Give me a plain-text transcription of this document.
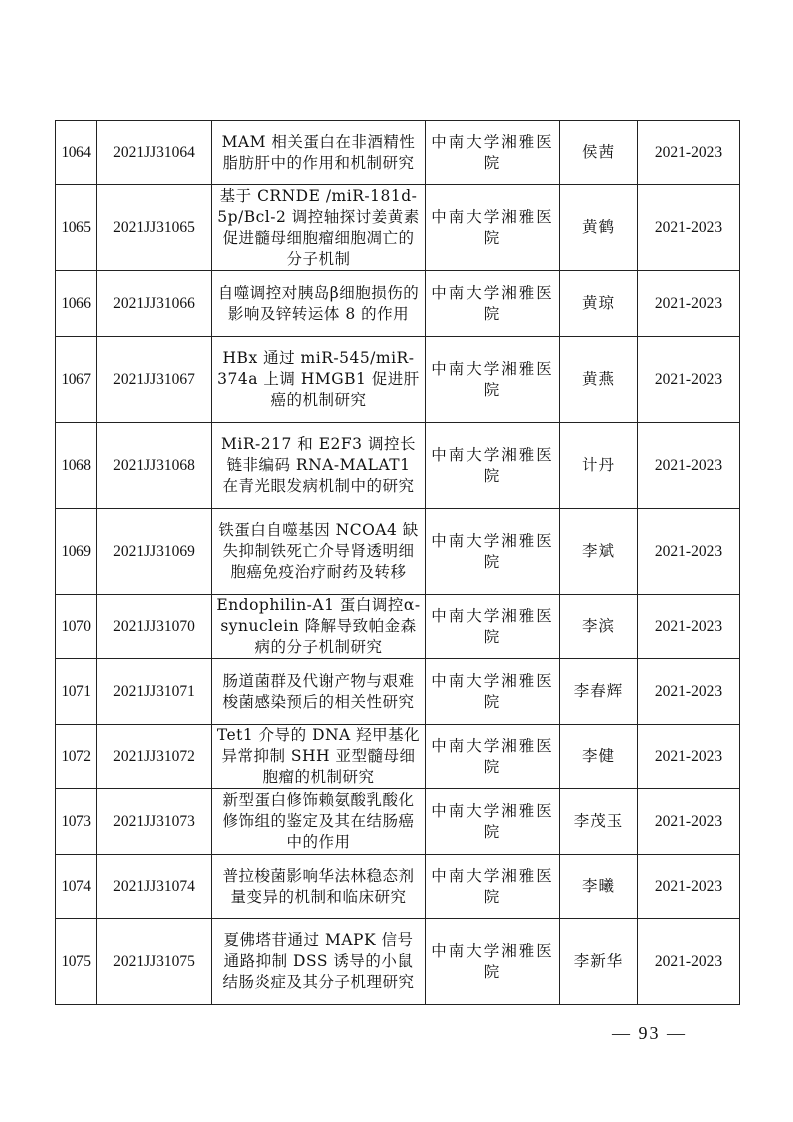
1064	2021JJ31064	MAM 相关蛋白在非酒精性脂肪肝中的作用和机制研究	中南大学湘雅医院	侯茜	2021-2023
1065	2021JJ31065	基于 CRNDE /miR-181d-5p/Bcl-2 调控轴探讨姜黄素促进髓母细胞瘤细胞凋亡的分子机制	中南大学湘雅医院	黄鹤	2021-2023
1066	2021JJ31066	自噬调控对胰岛β细胞损伤的影响及锌转运体 8 的作用	中南大学湘雅医院	黄琼	2021-2023
1067	2021JJ31067	HBx 通过 miR-545/miR-374a 上调 HMGB1 促进肝癌的机制研究	中南大学湘雅医院	黄燕	2021-2023
1068	2021JJ31068	MiR-217 和 E2F3 调控长链非编码 RNA-MALAT1 在青光眼发病机制中的研究	中南大学湘雅医院	计丹	2021-2023
1069	2021JJ31069	铁蛋白自噬基因 NCOA4 缺失抑制铁死亡介导肾透明细胞癌免疫治疗耐药及转移	中南大学湘雅医院	李斌	2021-2023
1070	2021JJ31070	Endophilin-A1 蛋白调控α-synuclein 降解导致帕金森病的分子机制研究	中南大学湘雅医院	李滨	2021-2023
1071	2021JJ31071	肠道菌群及代谢产物与艰难梭菌感染预后的相关性研究	中南大学湘雅医院	李春辉	2021-2023
1072	2021JJ31072	Tet1 介导的 DNA 羟甲基化异常抑制 SHH 亚型髓母细胞瘤的机制研究	中南大学湘雅医院	李健	2021-2023
1073	2021JJ31073	新型蛋白修饰赖氨酸乳酸化修饰组的鉴定及其在结肠癌中的作用	中南大学湘雅医院	李茂玉	2021-2023
1074	2021JJ31074	普拉梭菌影响华法林稳态剂量变异的机制和临床研究	中南大学湘雅医院	李曦	2021-2023
1075	2021JJ31075	夏佛塔苷通过 MAPK 信号通路抑制 DSS 诱导的小鼠结肠炎症及其分子机理研究	中南大学湘雅医院	李新华	2021-2023
— 93 —
